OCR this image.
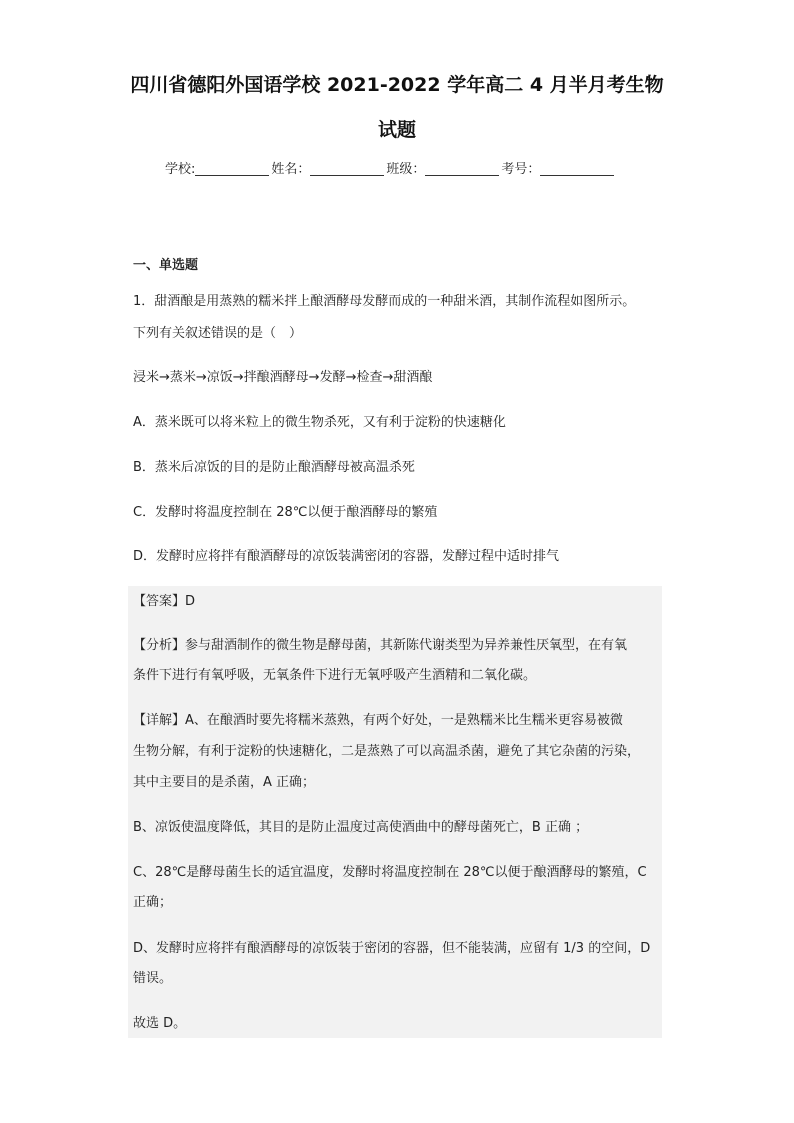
四川省德阳外国语学校 2021-2022 学年高二 4 月半月考生物
试题
学校:	姓名：	班级：	考号：
一、单选题
1．甜酒酿是用蒸熟的糯米拌上酿酒酵母发酵而成的一种甜米酒，其制作流程如图所示。
下列有关叙述错误的是（　）
浸米→蒸米→凉饭→拌酿酒酵母→发酵→检查→甜酒酿
A．蒸米既可以将米粒上的微生物杀死，又有利于淀粉的快速糖化
B．蒸米后凉饭的目的是防止酿酒酵母被高温杀死
C．发酵时将温度控制在 28℃以便于酿酒酵母的繁殖
D．发酵时应将拌有酿酒酵母的凉饭装满密闭的容器，发酵过程中适时排气
【答案】D
【分析】参与甜酒制作的微生物是酵母菌，其新陈代谢类型为异养兼性厌氧型，在有氧
条件下进行有氧呼吸，无氧条件下进行无氧呼吸产生酒精和二氧化碳。
【详解】A、在酿酒时要先将糯米蒸熟，有两个好处，一是熟糯米比生糯米更容易被微
生物分解，有利于淀粉的快速糖化，二是蒸熟了可以高温杀菌，避免了其它杂菌的污染，
其中主要目的是杀菌，A 正确；
B、凉饭使温度降低，其目的是防止温度过高使酒曲中的酵母菌死亡，B 正确 ；
C、28℃是酵母菌生长的适宜温度，发酵时将温度控制在 28℃以便于酿酒酵母的繁殖，C
正确；
D、发酵时应将拌有酿酒酵母的凉饭装于密闭的容器，但不能装满，应留有 1/3 的空间，D
错误。
故选 D。
